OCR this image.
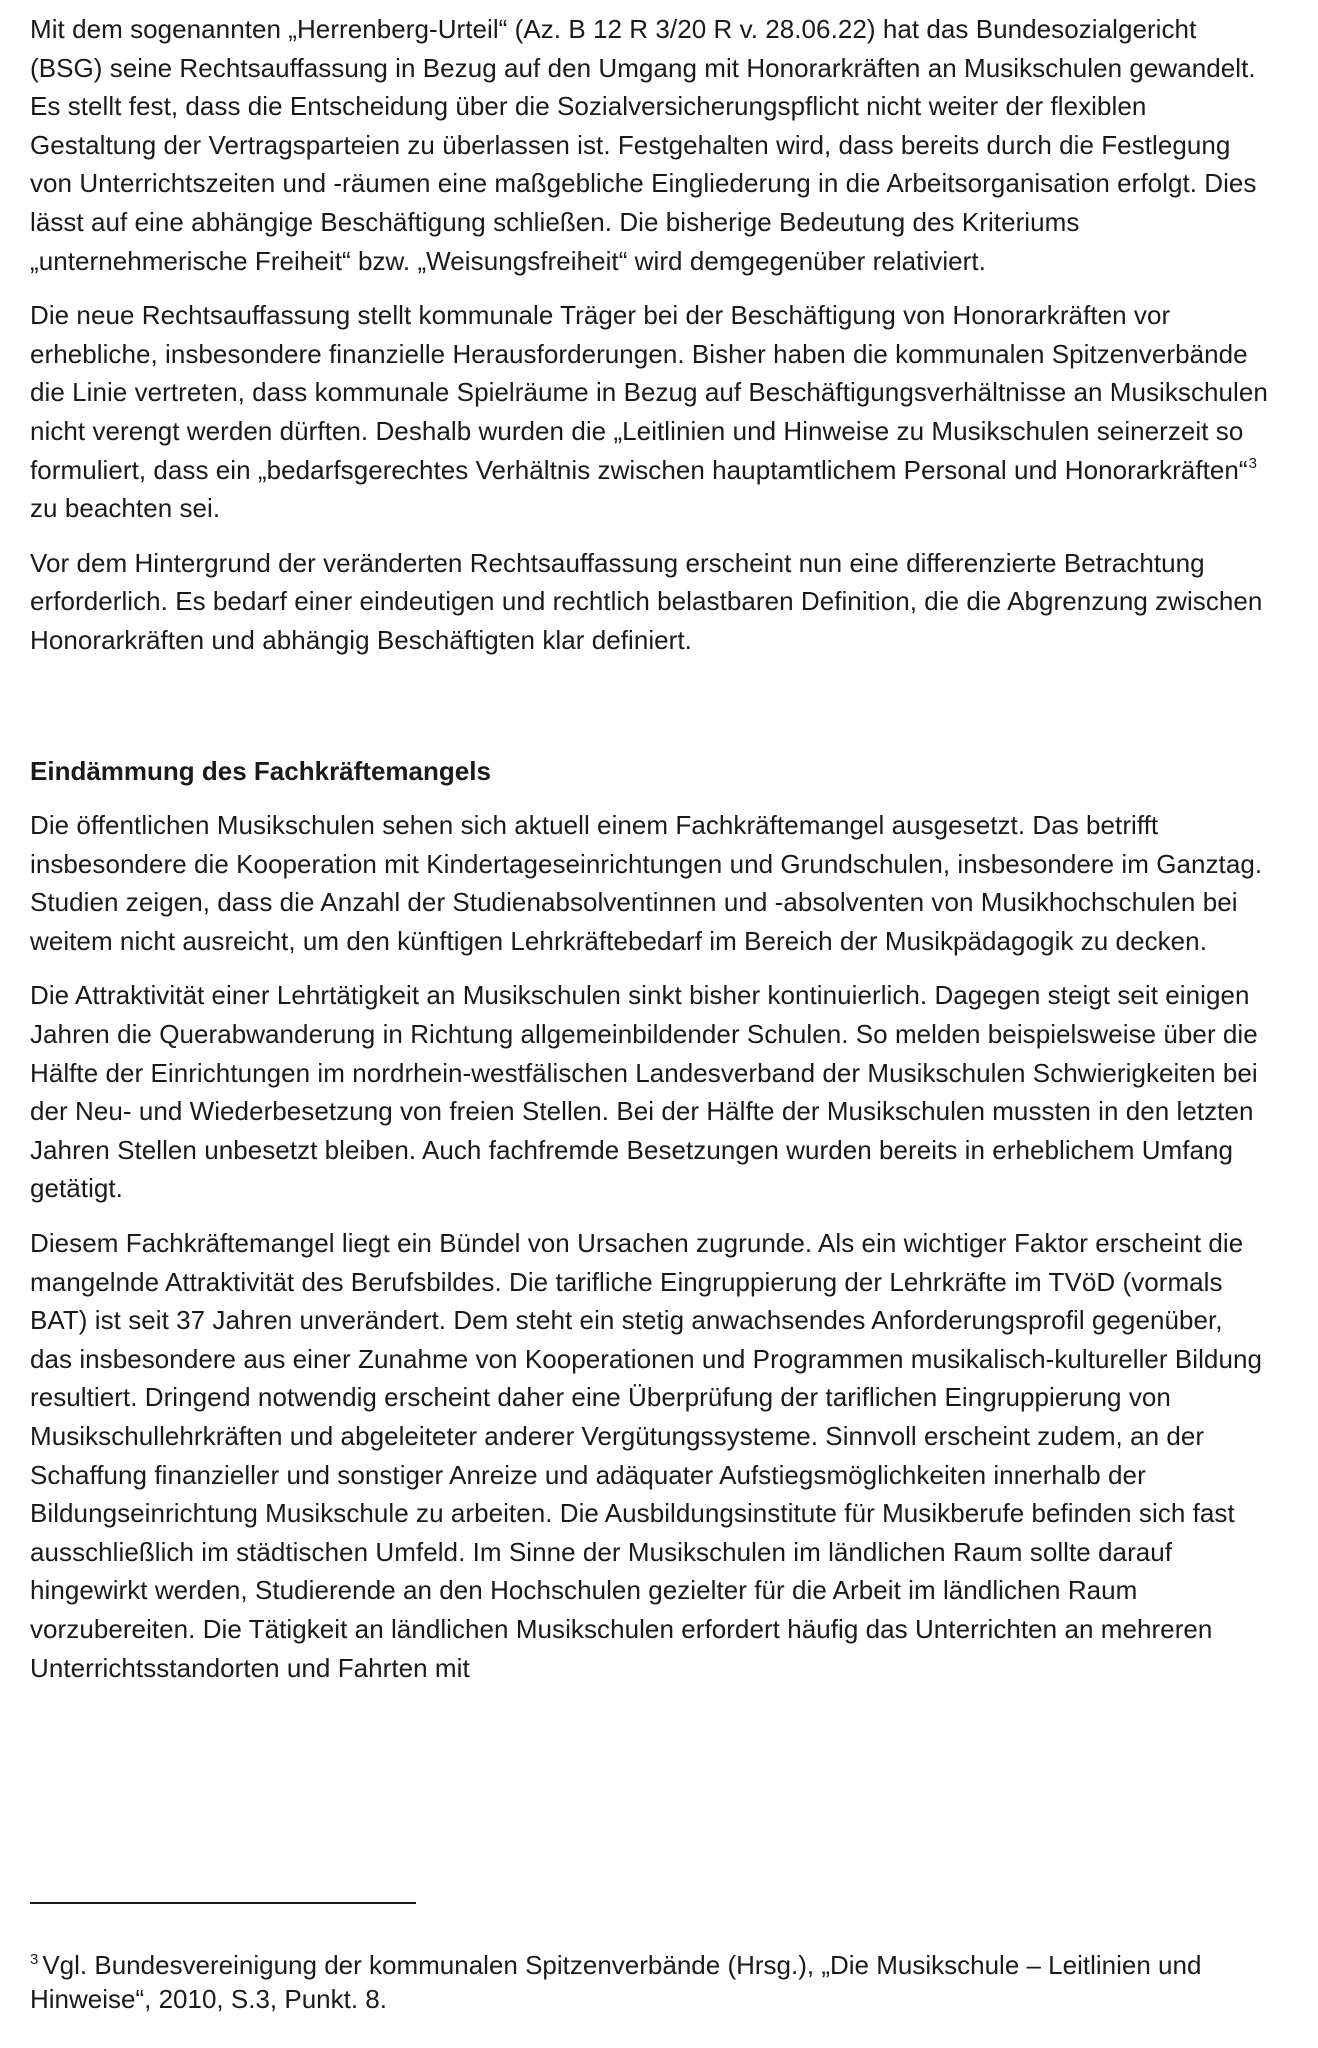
Mit dem sogenannten „Herrenberg-Urteil“ (Az. B 12 R 3/20 R v. 28.06.22) hat das Bundesozialgericht (BSG) seine Rechtsauffassung in Bezug auf den Umgang mit Honorarkräften an Musikschulen gewandelt. Es stellt fest, dass die Entscheidung über die Sozialversicherungspflicht nicht weiter der flexiblen Gestaltung der Vertragsparteien zu überlassen ist. Festgehalten wird, dass bereits durch die Festlegung von Unterrichtszeiten und -räumen eine maßgebliche Eingliederung in die Arbeitsorganisation erfolgt. Dies lässt auf eine abhängige Beschäftigung schließen. Die bisherige Bedeutung des Kriteriums „unternehmerische Freiheit“ bzw. „Weisungsfreiheit“ wird demgegenüber relativiert.

Die neue Rechtsauffassung stellt kommunale Träger bei der Beschäftigung von Honorarkräften vor erhebliche, insbesondere finanzielle Herausforderungen. Bisher haben die kommunalen Spitzenverbände die Linie vertreten, dass kommunale Spielräume in Bezug auf Beschäftigungsverhältnisse an Musikschulen nicht verengt werden dürften. Deshalb wurden die „Leitlinien und Hinweise zu Musikschulen seinerzeit so formuliert, dass ein „bedarfsgerechtes Verhältnis zwischen hauptamtlichem Personal und Honorarkräften“$^3$ zu beachten sei.

Vor dem Hintergrund der veränderten Rechtsauffassung erscheint nun eine differenzierte Betrachtung erforderlich. Es bedarf einer eindeutigen und rechtlich belastbaren Definition, die die Abgrenzung zwischen Honorarkräften und abhängig Beschäftigten klar definiert.

Eindämmung des Fachkräftemangels

Die öffentlichen Musikschulen sehen sich aktuell einem Fachkräftemangel ausgesetzt. Das betrifft insbesondere die Kooperation mit Kindertageseinrichtungen und Grundschulen, insbesondere im Ganztag. Studien zeigen, dass die Anzahl der Studienabsolventinnen und -absolventen von Musikhochschulen bei weitem nicht ausreicht, um den künftigen Lehrkräftebedarf im Bereich der Musikpädagogik zu decken.

Die Attraktivität einer Lehrtätigkeit an Musikschulen sinkt bisher kontinuierlich. Dagegen steigt seit einigen Jahren die Querabwanderung in Richtung allgemeinbildender Schulen. So melden beispielsweise über die Hälfte der Einrichtungen im nordrhein-westfälischen Landesverband der Musikschulen Schwierigkeiten bei der Neu- und Wiederbesetzung von freien Stellen. Bei der Hälfte der Musikschulen mussten in den letzten Jahren Stellen unbesetzt bleiben. Auch fachfremde Besetzungen wurden bereits in erheblichem Umfang getätigt.

Diesem Fachkräftemangel liegt ein Bündel von Ursachen zugrunde. Als ein wichtiger Faktor erscheint die mangelnde Attraktivität des Berufsbildes. Die tarifliche Eingruppierung der Lehrkräfte im TVöD (vormals BAT) ist seit 37 Jahren unverändert. Dem steht ein stetig anwachsendes Anforderungsprofil gegenüber, das insbesondere aus einer Zunahme von Kooperationen und Programmen musikalisch-kultureller Bildung resultiert. Dringend notwendig erscheint daher eine Überprüfung der tariflichen Eingruppierung von Musikschullehrkräften und abgeleiteter anderer Vergütungssysteme. Sinnvoll erscheint zudem, an der Schaffung finanzieller und sonstiger Anreize und adäquater Aufstiegsmöglichkeiten innerhalb der Bildungseinrichtung Musikschule zu arbeiten. Die Ausbildungsinstitute für Musikberufe befinden sich fast ausschließlich im städtischen Umfeld. Im Sinne der Musikschulen im ländlichen Raum sollte darauf hingewirkt werden, Studierende an den Hochschulen gezielter für die Arbeit im ländlichen Raum vorzubereiten. Die Tätigkeit an ländlichen Musikschulen erfordert häufig das Unterrichten an mehreren Unterrichtsstandorten und Fahrten mit

$^3$ Vgl. Bundesvereinigung der kommunalen Spitzenverbände (Hrsg.), „Die Musikschule – Leitlinien und Hinweise“, 2010, S.3, Punkt. 8.
